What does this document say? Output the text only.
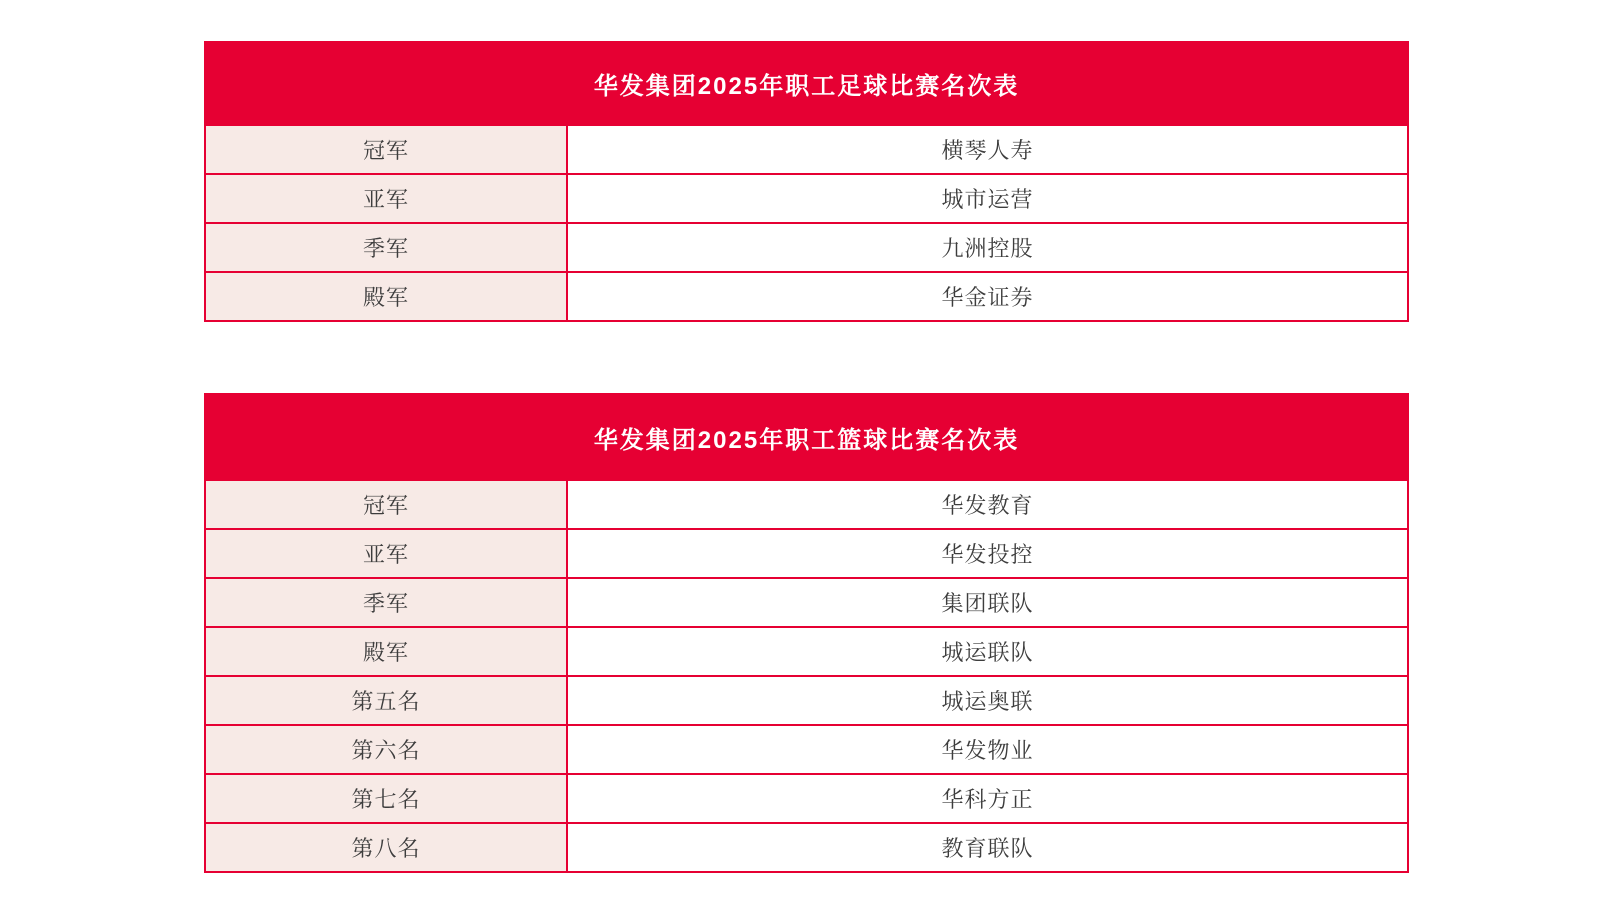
华发集团2025年职工足球比赛名次表	
冠军	横琴人寿
亚军	城市运营
季军	九洲控股
殿军	华金证券
华发集团2025年职工篮球比赛名次表	
冠军	华发教育
亚军	华发投控
季军	集团联队
殿军	城运联队
第五名	城运奥联
第六名	华发物业
第七名	华科方正
第八名	教育联队
